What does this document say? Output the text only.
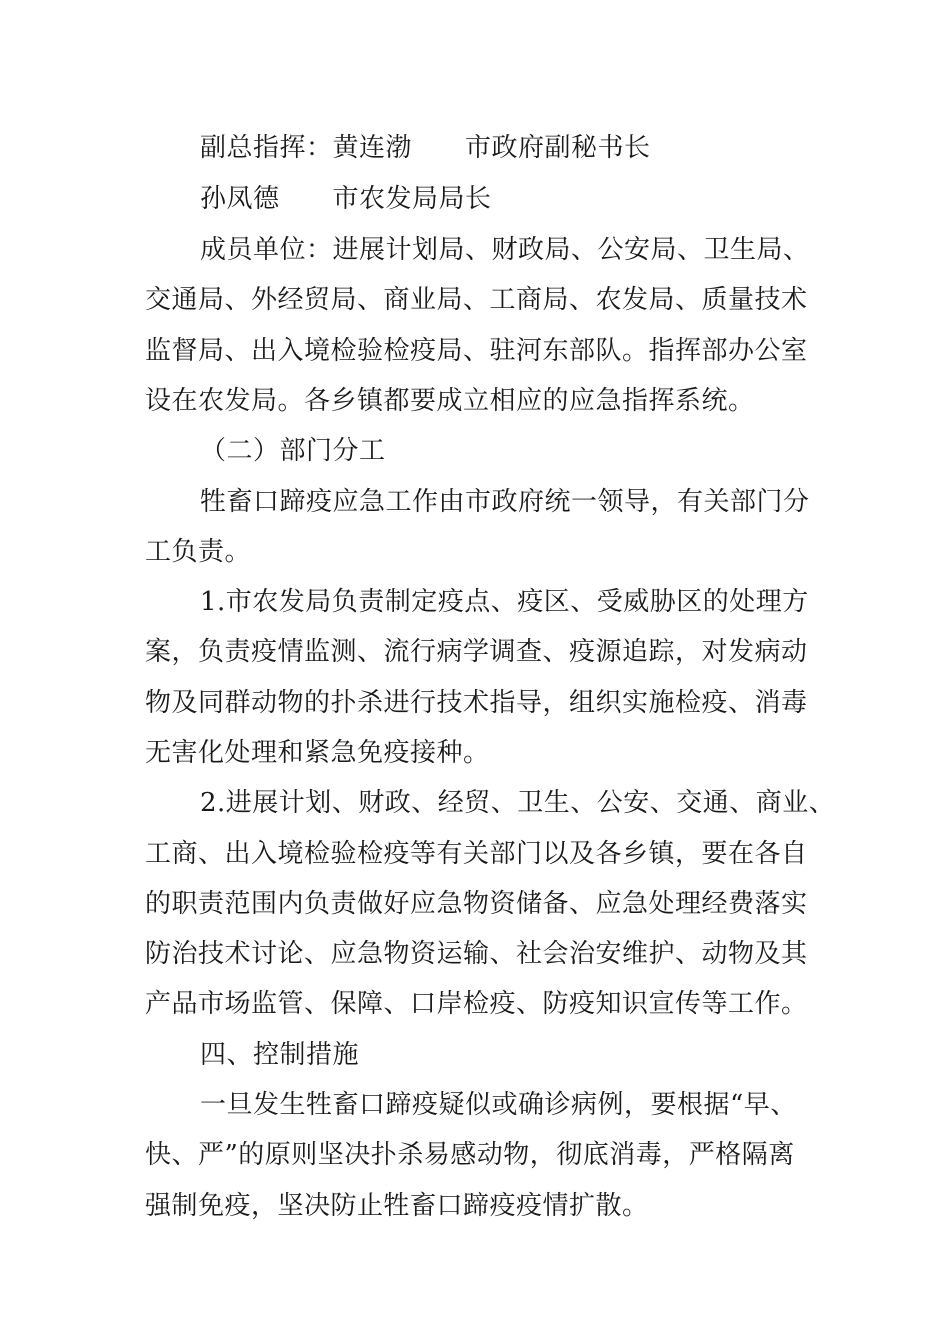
副总指挥：黄连渤　　市政府副秘书长
孙凤德　　市农发局局长
成员单位：进展计划局、财政局、公安局、卫生局、
交通局、外经贸局、商业局、工商局、农发局、质量技术
监督局、出入境检验检疫局、驻河东部队。指挥部办公室
设在农发局。各乡镇都要成立相应的应急指挥系统。
（二）部门分工
牲畜口蹄疫应急工作由市政府统一领导，有关部门分
工负责。
1.市农发局负责制定疫点、疫区、受威胁区的处理方
案，负责疫情监测、流行病学调查、疫源追踪，对发病动
物及同群动物的扑杀进行技术指导，组织实施检疫、消毒
无害化处理和紧急免疫接种。
2.进展计划、财政、经贸、卫生、公安、交通、商业、
工商、出入境检验检疫等有关部门以及各乡镇，要在各自
的职责范围内负责做好应急物资储备、应急处理经费落实
防治技术讨论、应急物资运输、社会治安维护、动物及其
产品市场监管、保障、口岸检疫、防疫知识宣传等工作。
四、控制措施
一旦发生牲畜口蹄疫疑似或确诊病例，要根据“早、
快、严”的原则坚决扑杀易感动物，彻底消毒，严格隔离
强制免疫，坚决防止牲畜口蹄疫疫情扩散。
